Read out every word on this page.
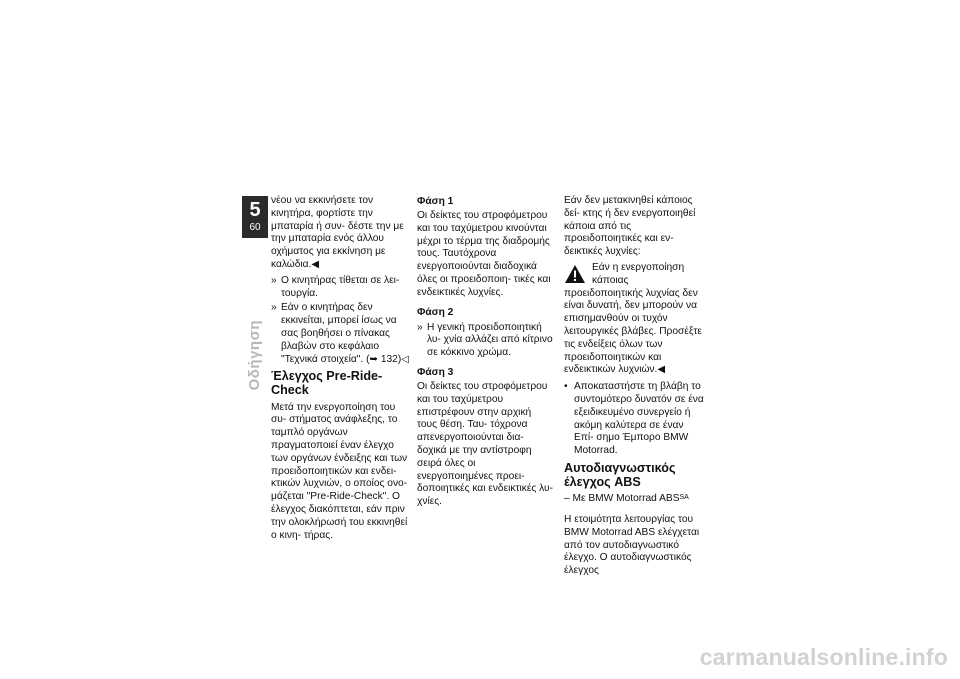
5
60
Οδήγηση

νέου να εκκινήσετε τον κινητήρα, φορτίστε την μπαταρία ή συν- δέστε την με την μπαταρία ενός άλλου οχήματος για εκκίνηση με καλώδια.◀

» Ο κινητήρας τίθεται σε λει- τουργία.
» Εάν ο κινητήρας δεν εκκινείται, μπορεί ίσως να σας βοηθήσει ο πίνακας βλαβών στο κεφάλαιο "Τεχνικά στοιχεία". (➥ 132)◁
Έλεγχος Pre-Ride- Check

Μετά την ενεργοποίηση του συ- στήματος ανάφλεξης, το ταμπλό οργάνων πραγματοποιεί έναν έλεγχο των οργάνων ένδειξης και των προειδοποιητικών και ενδει- κτικών λυχνιών, ο οποίος ονο- μάζεται "Pre-Ride-Check". Ο έλεγχος διακόπτεται, εάν πριν την ολοκλήρωσή του εκκινηθεί ο κινη- τήρας.

Φάση 1

Οι δείκτες του στροφόμετρου και του ταχύμετρου κινούνται μέχρι το τέρμα της διαδρομής τους. Ταυτόχρονα ενεργοποιούνται διαδοχικά όλες οι προειδοποιη- τικές και ενδεικτικές λυχνίες.

Φάση 2
» Η γενική προειδοποιητική λυ- χνία αλλάζει από κίτρινο σε κόκκινο χρώμα.
Φάση 3

Οι δείκτες του στροφόμετρου και του ταχύμετρου επιστρέφουν στην αρχική τους θέση. Ταυ- τόχρονα απενεργοποιούνται δια- δοχικά με την αντίστροφη σειρά όλες οι ενεργοποιημένες προει- δοποιητικές και ενδεικτικές λυ- χνίες.

Εάν δεν μετακινηθεί κάποιος δεί- κτης ή δεν ενεργοποιηθεί κάποια από τις προειδοποιητικές και εν- δεικτικές λυχνίες:

Εάν η ενεργοποίηση κάποιας προειδοποιητικής λυχνίας δεν είναι δυνατή, δεν μπορούν να επισημανθούν οι τυχόν λειτουργικές βλάβες. Προσέξτε τις ενδείξεις όλων των προειδοποιητικών και ενδεικτικών λυχνιών.◀
• Αποκαταστήστε τη βλάβη το συντομότερο δυνατόν σε ένα εξειδικευμένο συνεργείο ή ακόμη καλύτερα σε έναν Επί- σημο Έμπορο BMW Motorrad.
Αυτοδιαγνωστικός έλεγχος ABS

– Με BMW Motorrad $ABS^{SA}$

Η ετοιμότητα λειτουργίας του BMW Motorrad ABS ελέγχεται από τον αυτοδιαγνωστικό έλεγχο. Ο αυτοδιαγνωστικός έλεγχος

carmanualsonline.info
